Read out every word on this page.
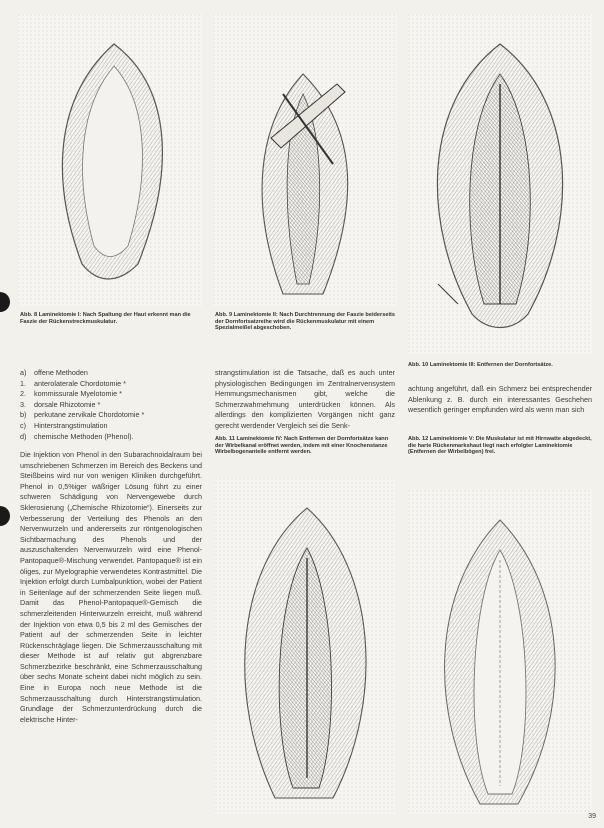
Abb. 8 Laminektomie I: Nach Spaltung der Haut erkennt man die Faszie der Rückenstreckmuskulatur.

Abb. 9 Laminektomie II: Nach Durchtrennung der Faszie beiderseits der Dornfortsatzreihe wird die Rückenmuskulatur mit einem Spezialmeißel abgeschoben.

Abb. 10 Laminektomie III: Entfernen der Dornfortsätze.

a)	offene Methoden
1.	anterolaterale Chordotomie *
2.	kommissurale Myelotomie *
3.	dorsale Rhizotomie *
b)	perkutane zervikale Chordotomie *
c)	Hinterstrangstimulation
d)	chemische Methoden (Phenol).

Die Injektion von Phenol in den Subarachnoidalraum bei umschriebenen Schmerzen im Bereich des Beckens und Steißbeins wird nur von wenigen Kliniken durchgeführt. Phenol in 0,5%iger wäßriger Lösung führt zu einer schweren Schädigung von Nervengewebe durch Sklerosierung („Chemische Rhizotomie“). Einerseits zur Verbesserung der Verteilung des Phenols an den Nervenwurzeln und andererseits zur röntgenologischen Sichtbarmachung des Phenols und der auszuschaltenden Nervenwurzeln wird eine Phenol-Pantopaque®-Mischung verwendet. Pantopaque® ist ein öliges, zur Myelographie verwendetes Kontrastmittel. Die Injektion erfolgt durch Lumbalpunktion, wobei der Patient in Seitenlage auf der schmerzenden Seite liegen muß. Damit das Phenol-Pantopaque®-Gemisch die schmerzleitenden Hinterwurzeln erreicht, muß während der Injektion von etwa 0,5 bis 2 ml des Gemisches der Patient auf der schmerzenden Seite in leichter Rückenschräglage liegen. Die Schmerzausschaltung mit dieser Methode ist auf relativ gut abgrenzbare Schmerzbezirke beschränkt, eine Schmerzausschaltung über sechs Monate scheint dabei nicht möglich zu sein. Eine in Europa noch neue Methode ist die Schmerzausschaltung durch Hinterstrangstimulation. Grundlage der Schmerzunterdrückung durch die elektrische Hinter-

strangstimulation ist die Tatsache, daß es auch unter physiologischen Bedingungen im Zentralnervensystem Hemmungsmechanismen gibt, welche die Schmerzwahrnehmung unterdrücken können. Als allerdings den komplizierten Vorgängen nicht ganz gerecht werdender Vergleich sei die Senk-

achtung angeführt, daß ein Schmerz bei entsprechender Ablenkung z. B. durch ein interessantes Geschehen wesentlich geringer empfunden wird als wenn man sich

Abb. 11 Laminektomie IV: Nach Entfernen der Dornfortsätze kann der Wirbelkanal eröffnet werden, indem mit einer Knochenstanze Wirbelbogenanteile entfernt werden.

Abb. 12 Laminektomie V: Die Muskulatur ist mit Hirnwatte abgedeckt, die harte Rückenmarkshaut liegt nach erfolgter Laminektomie (Entfernen der Wirbelbögen) frei.

39
